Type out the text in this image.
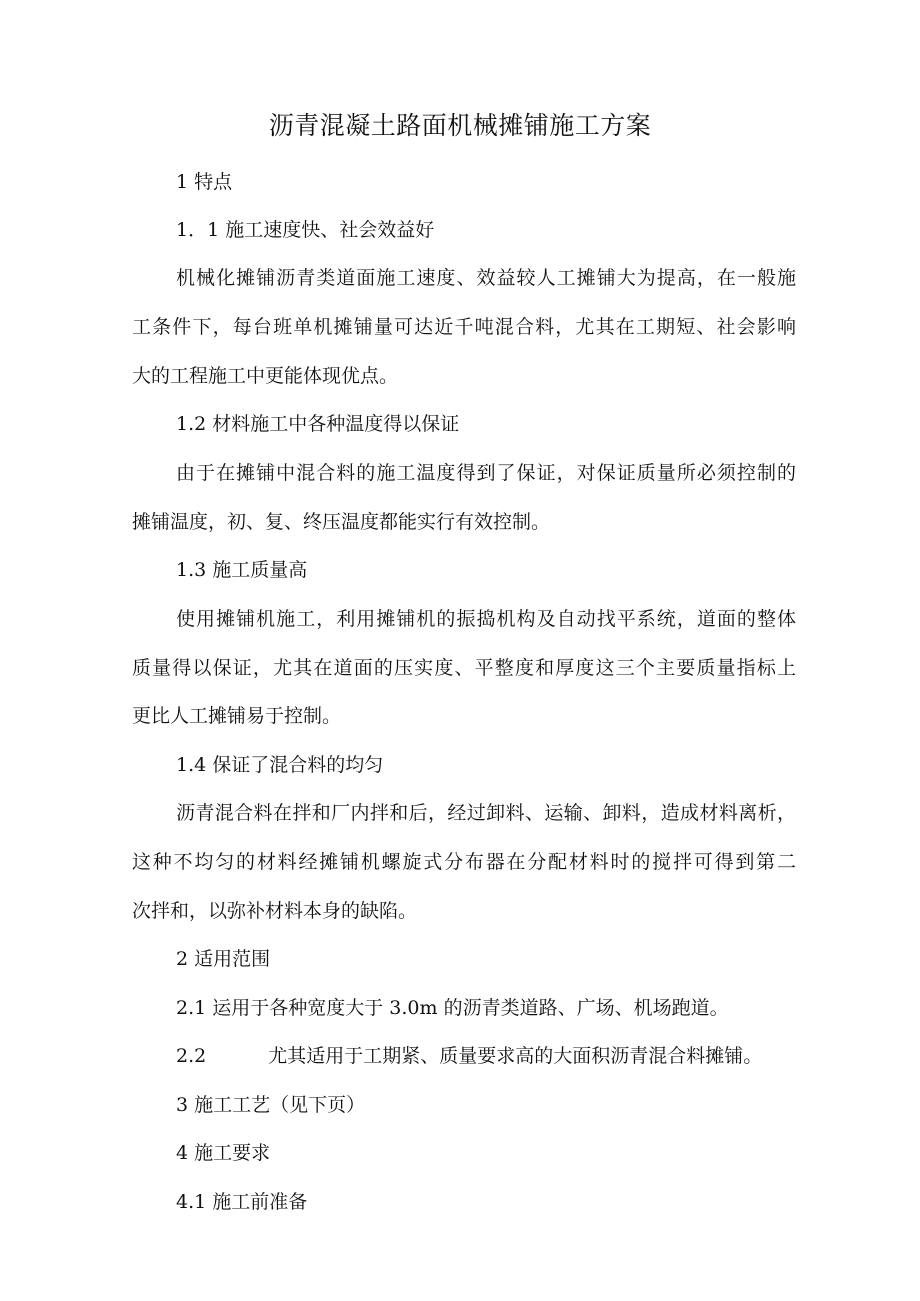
沥青混凝土路面机械摊铺施工方案
1 特点
1．1 施工速度快、社会效益好
机械化摊铺沥青类道面施工速度、效益较人工摊铺大为提高，在一般施
工条件下，每台班单机摊铺量可达近千吨混合料，尤其在工期短、社会影响
大的工程施工中更能体现优点。
1.2 材料施工中各种温度得以保证
由于在摊铺中混合料的施工温度得到了保证，对保证质量所必须控制的
摊铺温度，初、复、终压温度都能实行有效控制。
1.3 施工质量高
使用摊铺机施工，利用摊铺机的振捣机构及自动找平系统，道面的整体
质量得以保证，尤其在道面的压实度、平整度和厚度这三个主要质量指标上
更比人工摊铺易于控制。
1.4 保证了混合料的均匀
沥青混合料在拌和厂内拌和后，经过卸料、运输、卸料，造成材料离析，
这种不均匀的材料经摊铺机螺旋式分布器在分配材料时的搅拌可得到第二
次拌和，以弥补材料本身的缺陷。
2 适用范围
2.1 运用于各种宽度大于 3.0m 的沥青类道路、广场、机场跑道。
2.2	尤其适用于工期紧、质量要求高的大面积沥青混合料摊铺。
3 施工工艺（见下页）
4 施工要求
4.1 施工前准备
